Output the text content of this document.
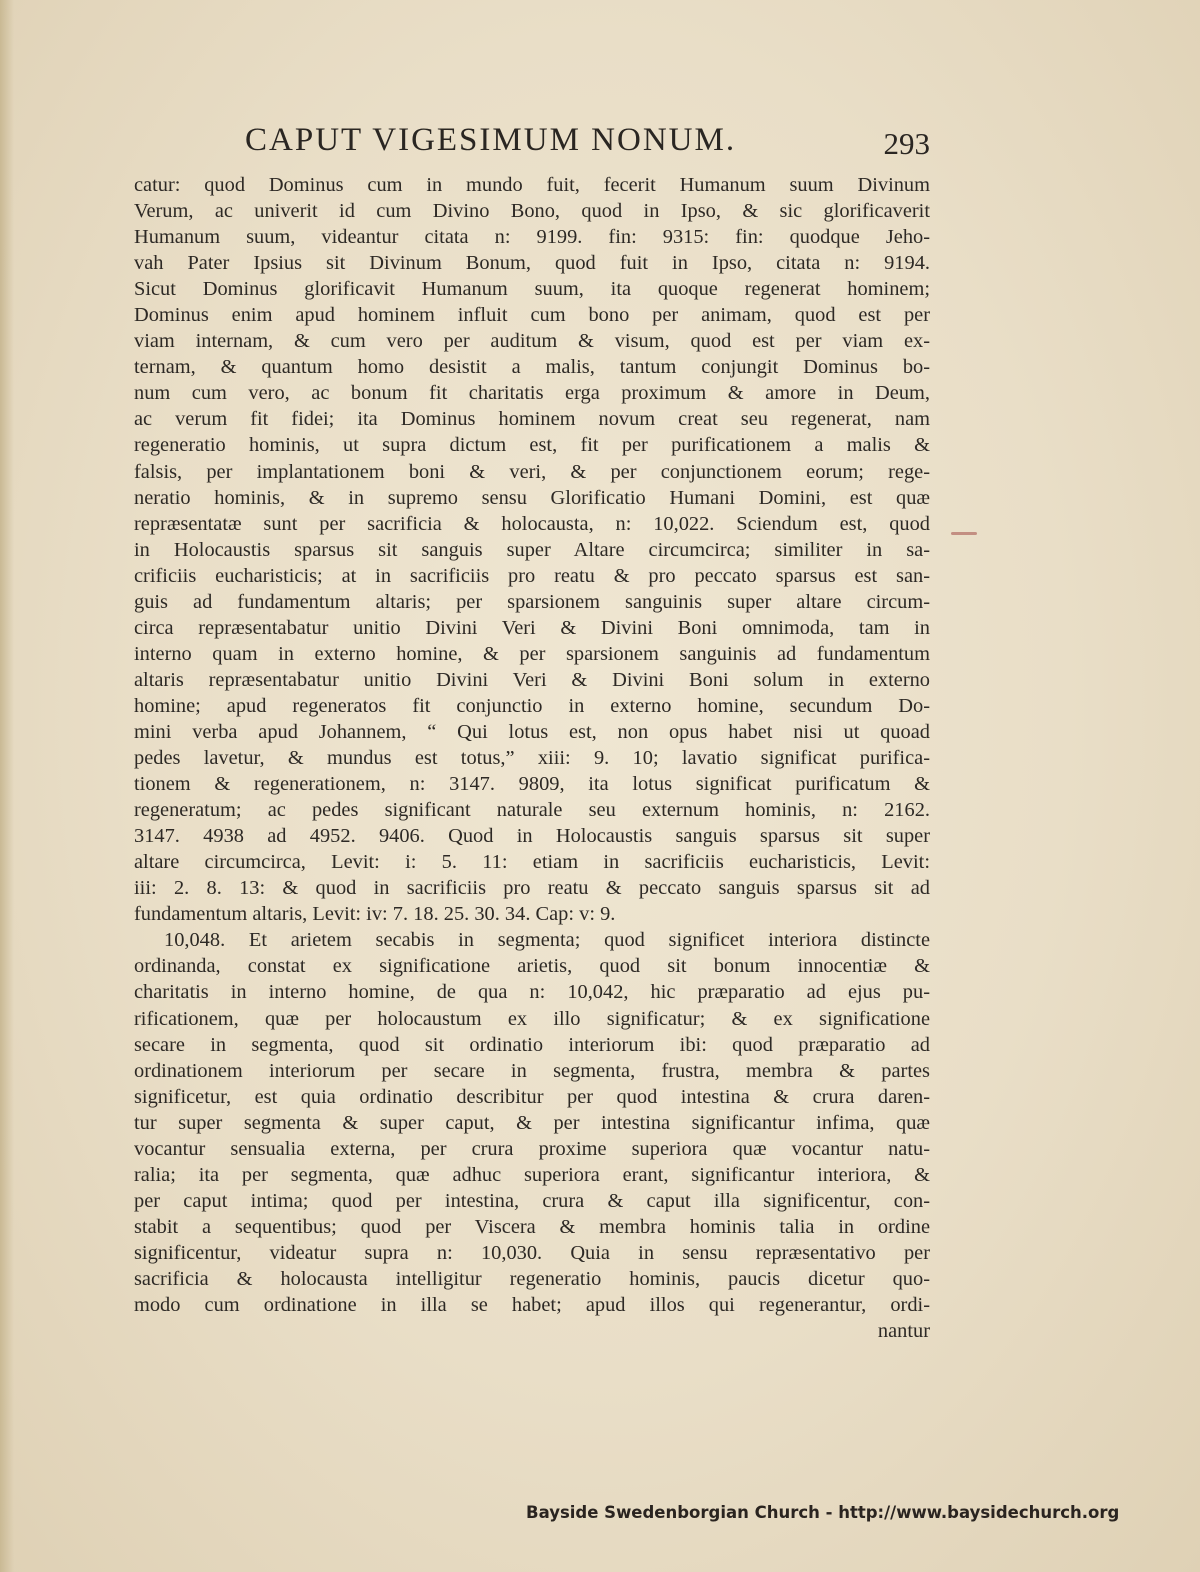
CAPUT VIGESIMUM NONUM.	293
catur: quod Dominus cum in mundo fuit, fecerit Humanum suum Divinum
Verum, ac univerit id cum Divino Bono, quod in Ipso, & sic glorificaverit
Humanum suum, videantur citata n: 9199. fin: 9315: fin: quodque Jeho-
vah Pater Ipsius sit Divinum Bonum, quod fuit in Ipso, citata n: 9194.
Sicut Dominus glorificavit Humanum suum, ita quoque regenerat hominem;
Dominus enim apud hominem influit cum bono per animam, quod est per
viam internam, & cum vero per auditum & visum, quod est per viam ex-
ternam, & quantum homo desistit a malis, tantum conjungit Dominus bo-
num cum vero, ac bonum fit charitatis erga proximum & amore in Deum,
ac verum fit fidei; ita Dominus hominem novum creat seu regenerat, nam
regeneratio hominis, ut supra dictum est, fit per purificationem a malis &
falsis, per implantationem boni & veri, & per conjunctionem eorum; rege-
neratio hominis, & in supremo sensu Glorificatio Humani Domini, est quæ
repræsentatæ sunt per sacrificia & holocausta, n: 10,022. Sciendum est, quod
in Holocaustis sparsus sit sanguis super Altare circumcirca; similiter in sa-
crificiis eucharisticis; at in sacrificiis pro reatu & pro peccato sparsus est san-
guis ad fundamentum altaris; per sparsionem sanguinis super altare circum-
circa repræsentabatur unitio Divini Veri & Divini Boni omnimoda, tam in
interno quam in externo homine, & per sparsionem sanguinis ad fundamentum
altaris repræsentabatur unitio Divini Veri & Divini Boni solum in externo
homine; apud regeneratos fit conjunctio in externo homine, secundum Do-
mini verba apud Johannem, “ Qui lotus est, non opus habet nisi ut quoad
pedes lavetur, & mundus est totus,” xiii: 9. 10; lavatio significat purifica-
tionem & regenerationem, n: 3147. 9809, ita lotus significat purificatum &
regeneratum; ac pedes significant naturale seu externum hominis, n: 2162.
3147. 4938 ad 4952. 9406. Quod in Holocaustis sanguis sparsus sit super
altare circumcirca, Levit: i: 5. 11: etiam in sacrificiis eucharisticis, Levit:
iii: 2. 8. 13: & quod in sacrificiis pro reatu & peccato sanguis sparsus sit ad
fundamentum altaris, Levit: iv: 7. 18. 25. 30. 34. Cap: v: 9.
10,048. Et arietem secabis in segmenta; quod significet interiora distincte
ordinanda, constat ex significatione arietis, quod sit bonum innocentiæ &
charitatis in interno homine, de qua n: 10,042, hic præparatio ad ejus pu-
rificationem, quæ per holocaustum ex illo significatur; & ex significatione
secare in segmenta, quod sit ordinatio interiorum ibi: quod præparatio ad
ordinationem interiorum per secare in segmenta, frustra, membra & partes
significetur, est quia ordinatio describitur per quod intestina & crura daren-
tur super segmenta & super caput, & per intestina significantur infima, quæ
vocantur sensualia externa, per crura proxime superiora quæ vocantur natu-
ralia; ita per segmenta, quæ adhuc superiora erant, significantur interiora, &
per caput intima; quod per intestina, crura & caput illa significentur, con-
stabit a sequentibus; quod per Viscera & membra hominis talia in ordine
significentur, videatur supra n: 10,030. Quia in sensu repræsentativo per
sacrificia & holocausta intelligitur regeneratio hominis, paucis dicetur quo-
modo cum ordinatione in illa se habet; apud illos qui regenerantur, ordi-
nantur
Bayside Swedenborgian Church - http://www.baysidechurch.org
